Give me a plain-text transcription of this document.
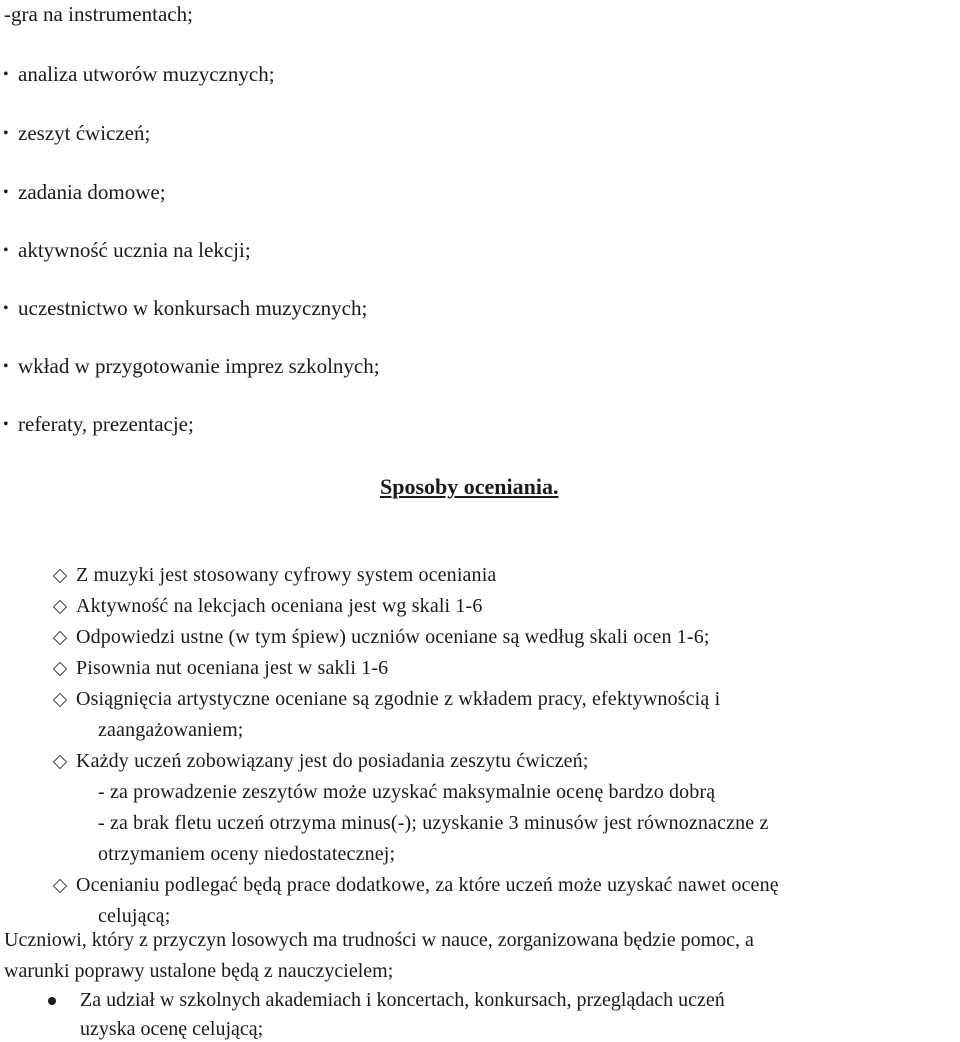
-gra na instrumentach;
• analiza utworów muzycznych;
• zeszyt ćwiczeń;
• zadania domowe;
• aktywność ucznia na lekcji;
• uczestnictwo w konkursach muzycznych;
• wkład w przygotowanie imprez szkolnych;
• referaty, prezentacje;
Sposoby oceniania.
Z muzyki jest stosowany cyfrowy system oceniania
Aktywność na lekcjach oceniana jest wg skali 1-6
Odpowiedzi ustne (w tym śpiew) uczniów oceniane są według skali ocen 1-6;
Pisownia nut oceniana jest w sakli 1-6
Osiągnięcia artystyczne oceniane są zgodnie z wkładem pracy, efektywnością i
zaangażowaniem;
Każdy uczeń zobowiązany jest do posiadania zeszytu ćwiczeń;
- za prowadzenie zeszytów może uzyskać maksymalnie ocenę bardzo dobrą
- za brak fletu uczeń otrzyma minus(-); uzyskanie 3 minusów jest równoznaczne z
otrzymaniem oceny niedostatecznej;
Ocenianiu podlegać będą prace dodatkowe, za które uczeń może uzyskać nawet ocenę
celującą;
Uczniowi, który z przyczyn losowych ma trudności w nauce, zorganizowana będzie pomoc, a
warunki poprawy ustalone będą z nauczycielem;
Za udział w szkolnych akademiach i koncertach, konkursach, przeglądach uczeń
uzyska ocenę celującą;
